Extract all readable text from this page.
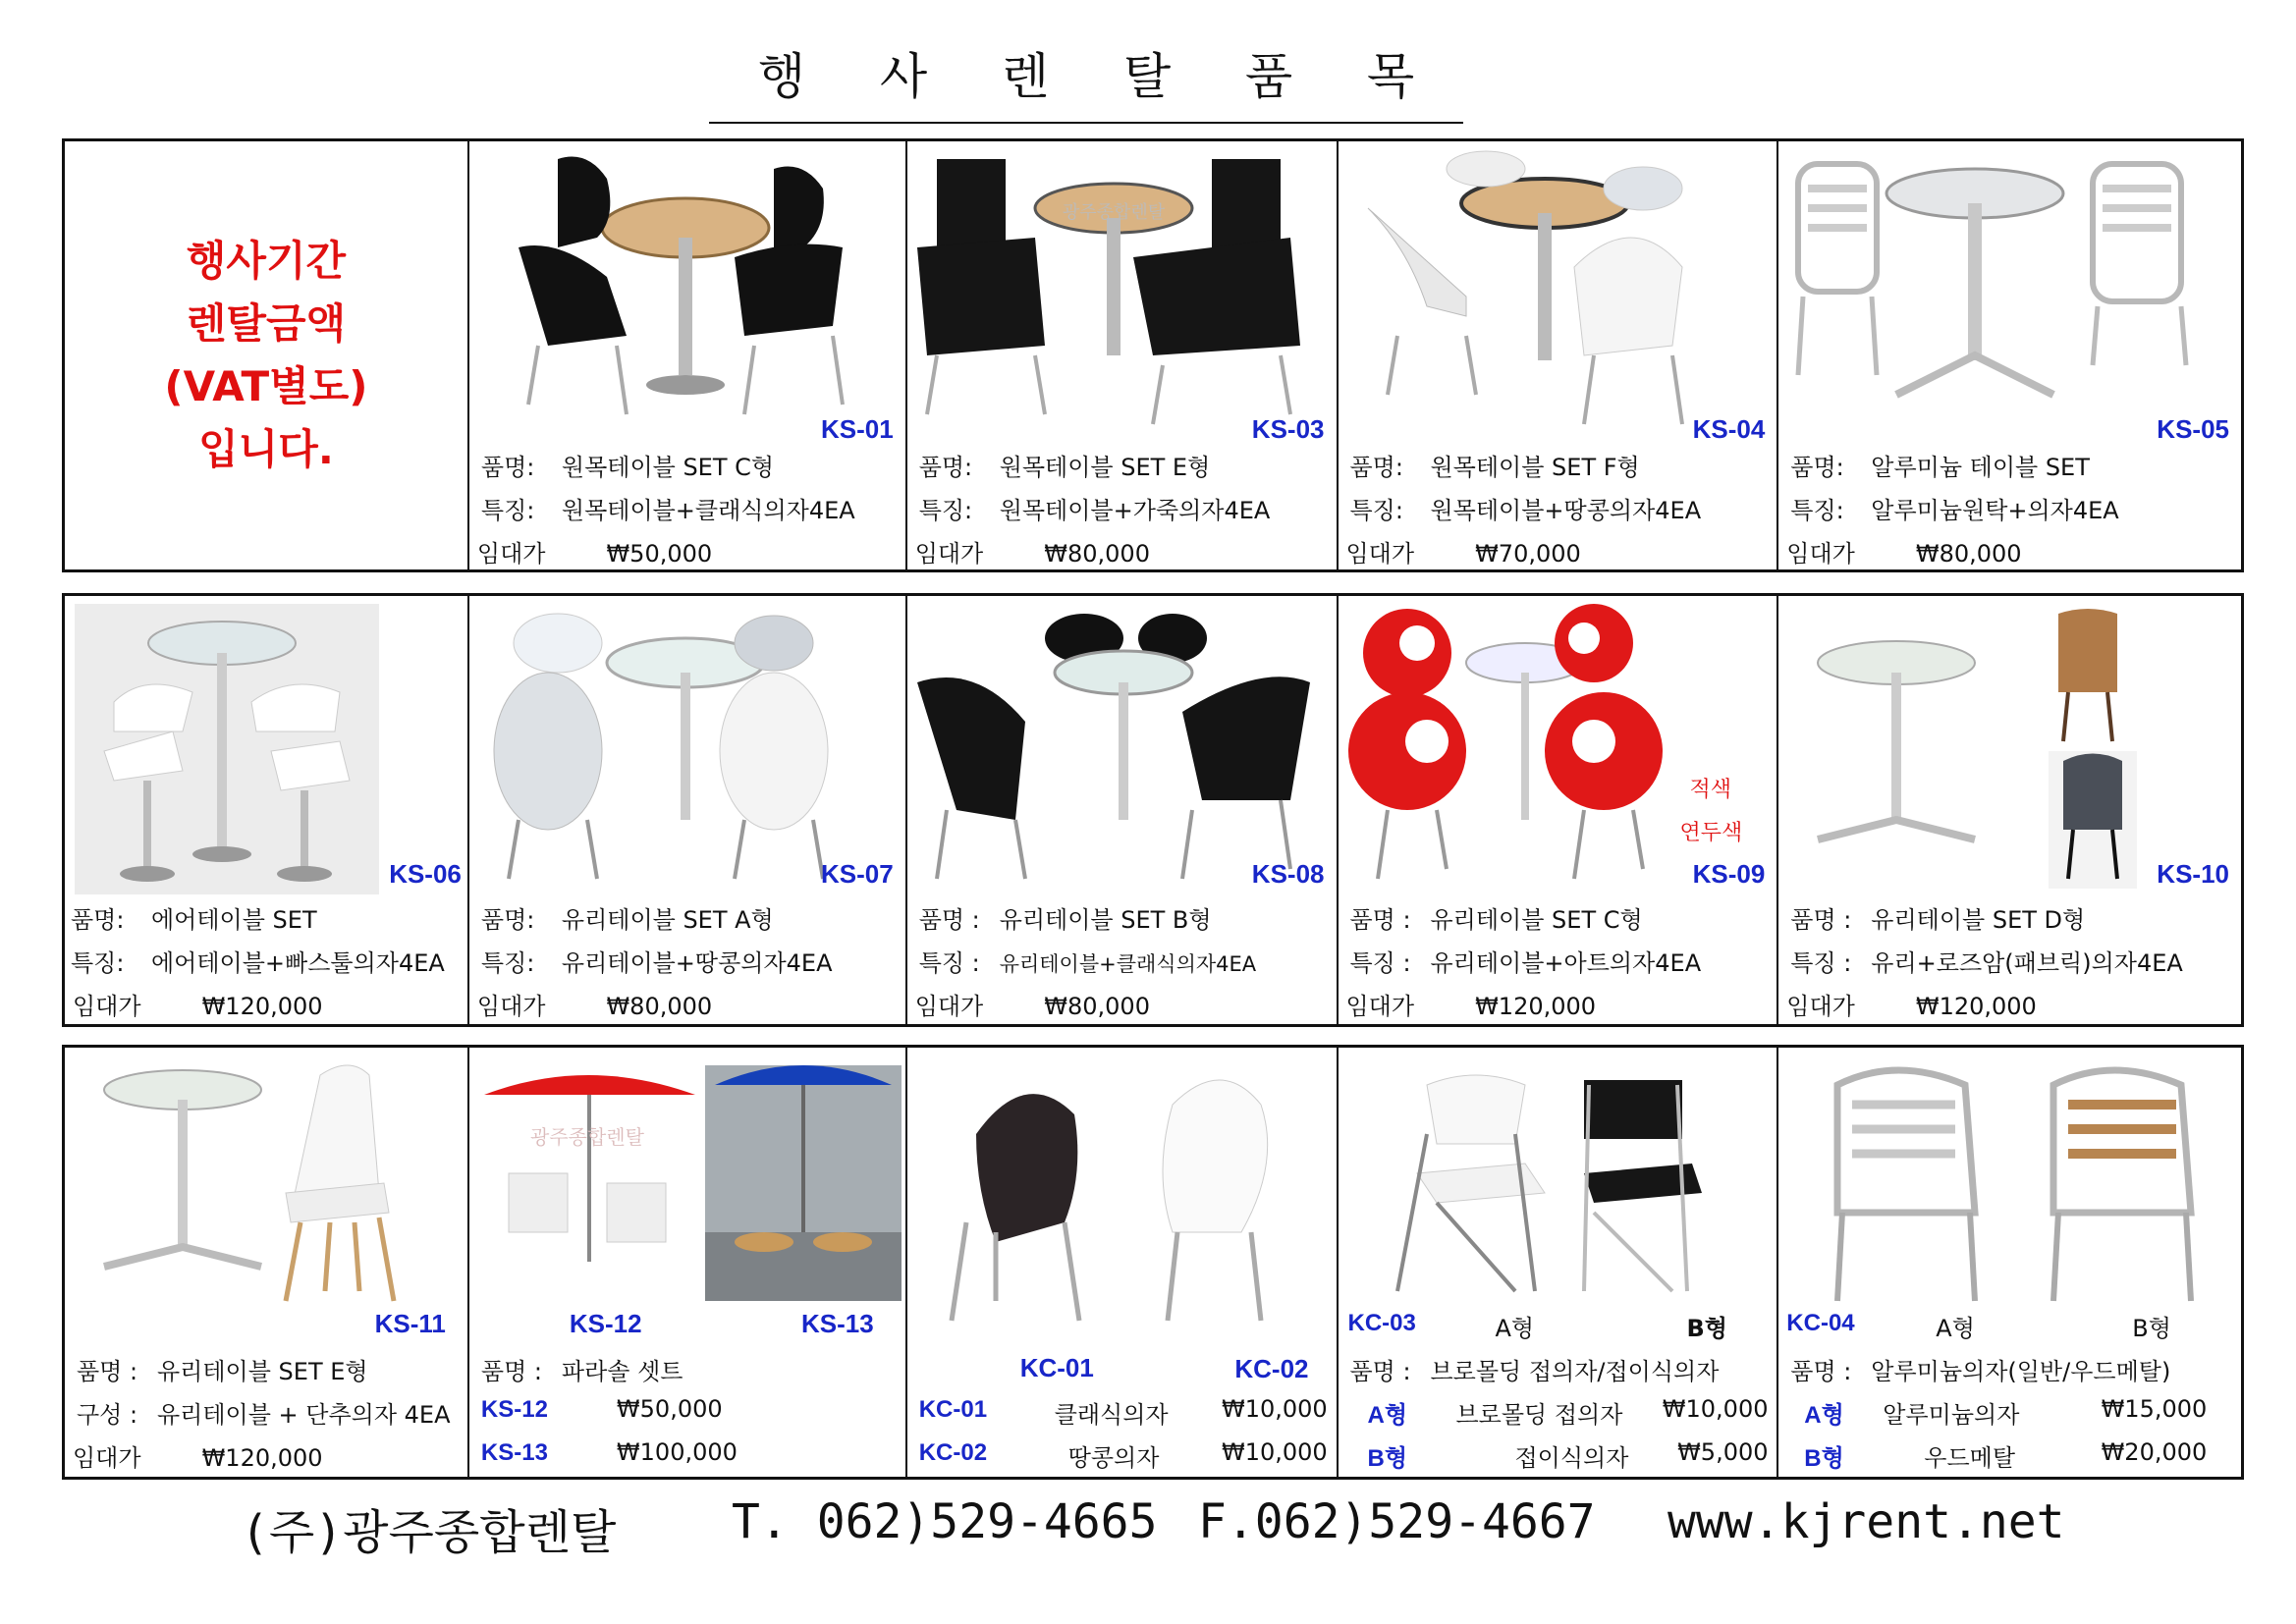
행 사 렌 탈 품 목
행사기간
렌탈금액
(VAT별도)
입니다.	KS-01
품명: 원목테이블 SET C형
특징: 원목테이블+클래식의자4EA
임대가	₩50,000
광주종합렌탈
KS-03
품명: 원목테이블 SET E형
특징: 원목테이블+가죽의자4EA
임대가	₩80,000
KS-04
품명: 원목테이블 SET F형
특징: 원목테이블+땅콩의자4EA
임대가	₩70,000
KS-05
품명: 알루미늄 테이블 SET
특징: 알루미늄원탁+의자4EA
임대가	₩80,000
KS-06
품명: 에어테이블 SET
특징: 에어테이블+빠스툴의자4EA
임대가	₩120,000
KS-07
품명: 유리테이블 SET A형
특징: 유리테이블+땅콩의자4EA
임대가	₩80,000
KS-08
품명 : 유리테이블 SET B형
특징 : 유리테이블+클래식의자4EA
임대가	₩80,000
적색
연두색
KS-09
품명 : 유리테이블 SET C형
특징 : 유리테이블+아트의자4EA
임대가	₩120,000
KS-10
품명 : 유리테이블 SET D형
특징 : 유리+로즈암(패브릭)의자4EA
임대가	₩120,000
KS-11
품명 : 유리테이블 SET E형
구성 : 유리테이블 + 단추의자 4EA
임대가	₩120,000
광주종합렌탈
KS-12	KS-13
품명 : 파라솔 셋트
KS-12	₩50,000
KS-13	₩100,000
KC-01	KC-02
KC-01	클래식의자 ₩10,000
KC-02	땅콩의자	₩10,000
KC-03	A형	B형
품명 : 브로몰딩 접의자/접이식의자
A형 브로몰딩 접의자 ₩10,000
B형	접이식의자 ₩5,000
KC-04	A형	B형
품명 : 알루미늄의자(일반/우드메탈)
A형 알루미늄의자	₩15,000
B형	우드메탈	₩20,000
(주)광주종합렌탈 T. 062)529-4665 F.062)529-4667 www.kjrent.net
